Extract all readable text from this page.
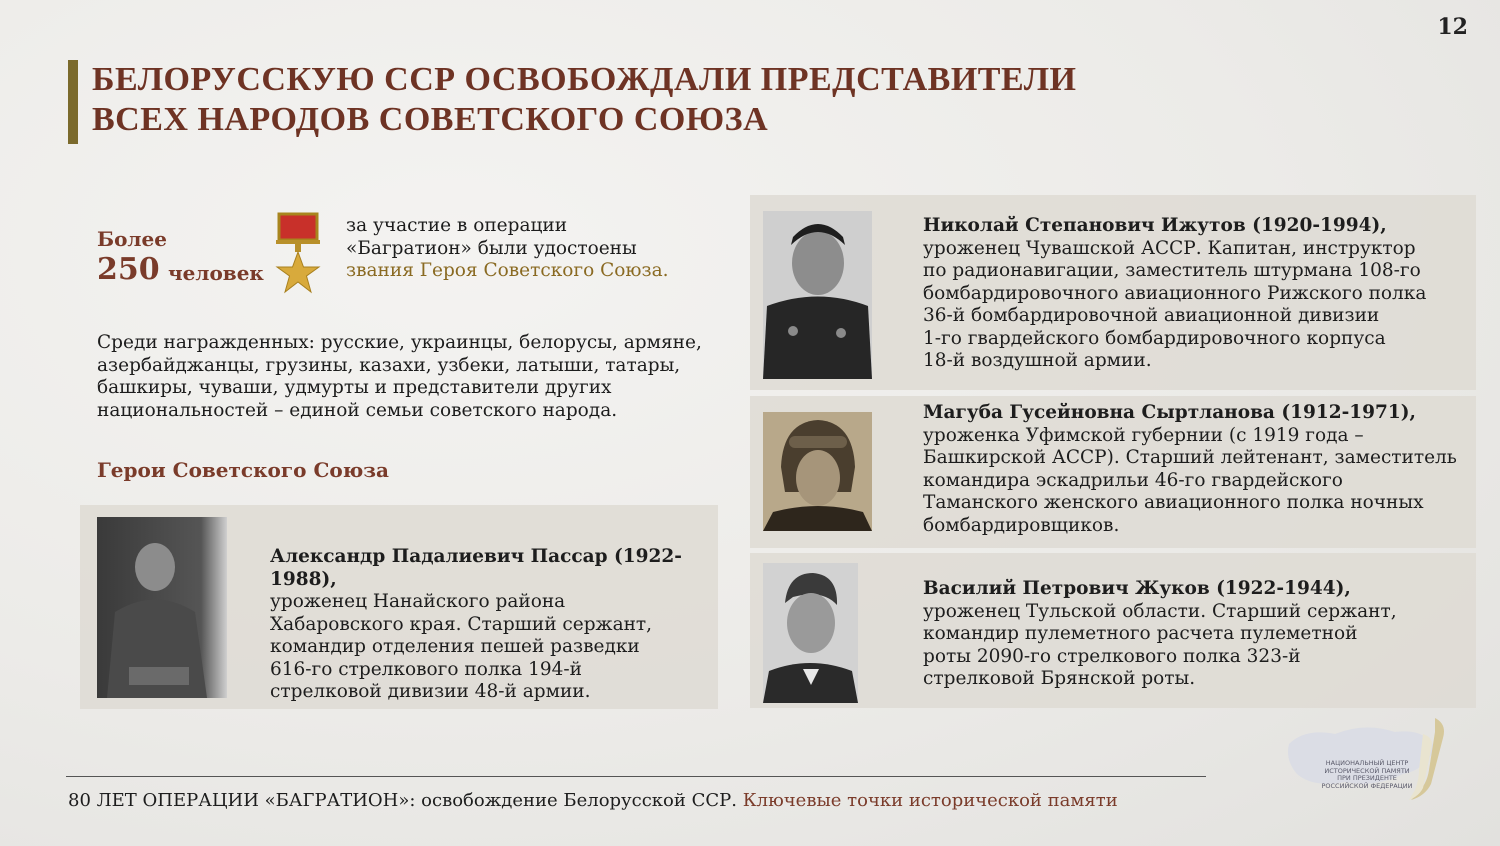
12
БЕЛОРУССКУЮ ССР ОСВОБОЖДАЛИ ПРЕДСТАВИТЕЛИ
ВСЕХ НАРОДОВ СОВЕТСКОГО СОЮЗА
Более
250 человек
за участие в операции
«Багратион» были удостоены
звания Героя Советского Союза.
Среди награжденных: русские, украинцы, белорусы, армяне,
азербайджанцы, грузины, казахи, узбеки, латыши, татары,
башкиры, чуваши, удмурты и представители других
национальностей – единой семьи советского народа.
Герои Советского Союза
Александр Падалиевич Пассар (1922-1988),
уроженец Нанайского района
Хабаровского края. Старший сержант,
командир отделения пешей разведки
616-го стрелкового полка 194-й
стрелковой дивизии 48-й армии.
Николай Степанович Ижутов (1920-1994),
уроженец Чувашской АССР. Капитан, инструктор
по радионавигации, заместитель штурмана 108-го
бомбардировочного авиационного Рижского полка
36-й бомбардировочной авиационной дивизии
1-го гвардейского бомбардировочного корпуса
18-й воздушной армии.
Магуба Гусейновна Сыртланова (1912-1971),
уроженка Уфимской губернии (с 1919 года –
Башкирской АССР). Старший лейтенант, заместитель
командира эскадрильи 46-го гвардейского
Таманского женского авиационного полка ночных
бомбардировщиков.
Василий Петрович Жуков (1922-1944),
уроженец Тульской области. Старший сержант,
командир пулеметного расчета пулеметной
роты 2090-го стрелкового полка 323-й
стрелковой Брянской роты.
80 ЛЕТ ОПЕРАЦИИ «БАГРАТИОН»: освобождение Белорусской ССР. Ключевые точки исторической памяти
НАЦИОНАЛЬНЫЙ ЦЕНТР
ИСТОРИЧЕСКОЙ ПАМЯТИ
ПРИ ПРЕЗИДЕНТЕ
РОССИЙСКОЙ ФЕДЕРАЦИИ
